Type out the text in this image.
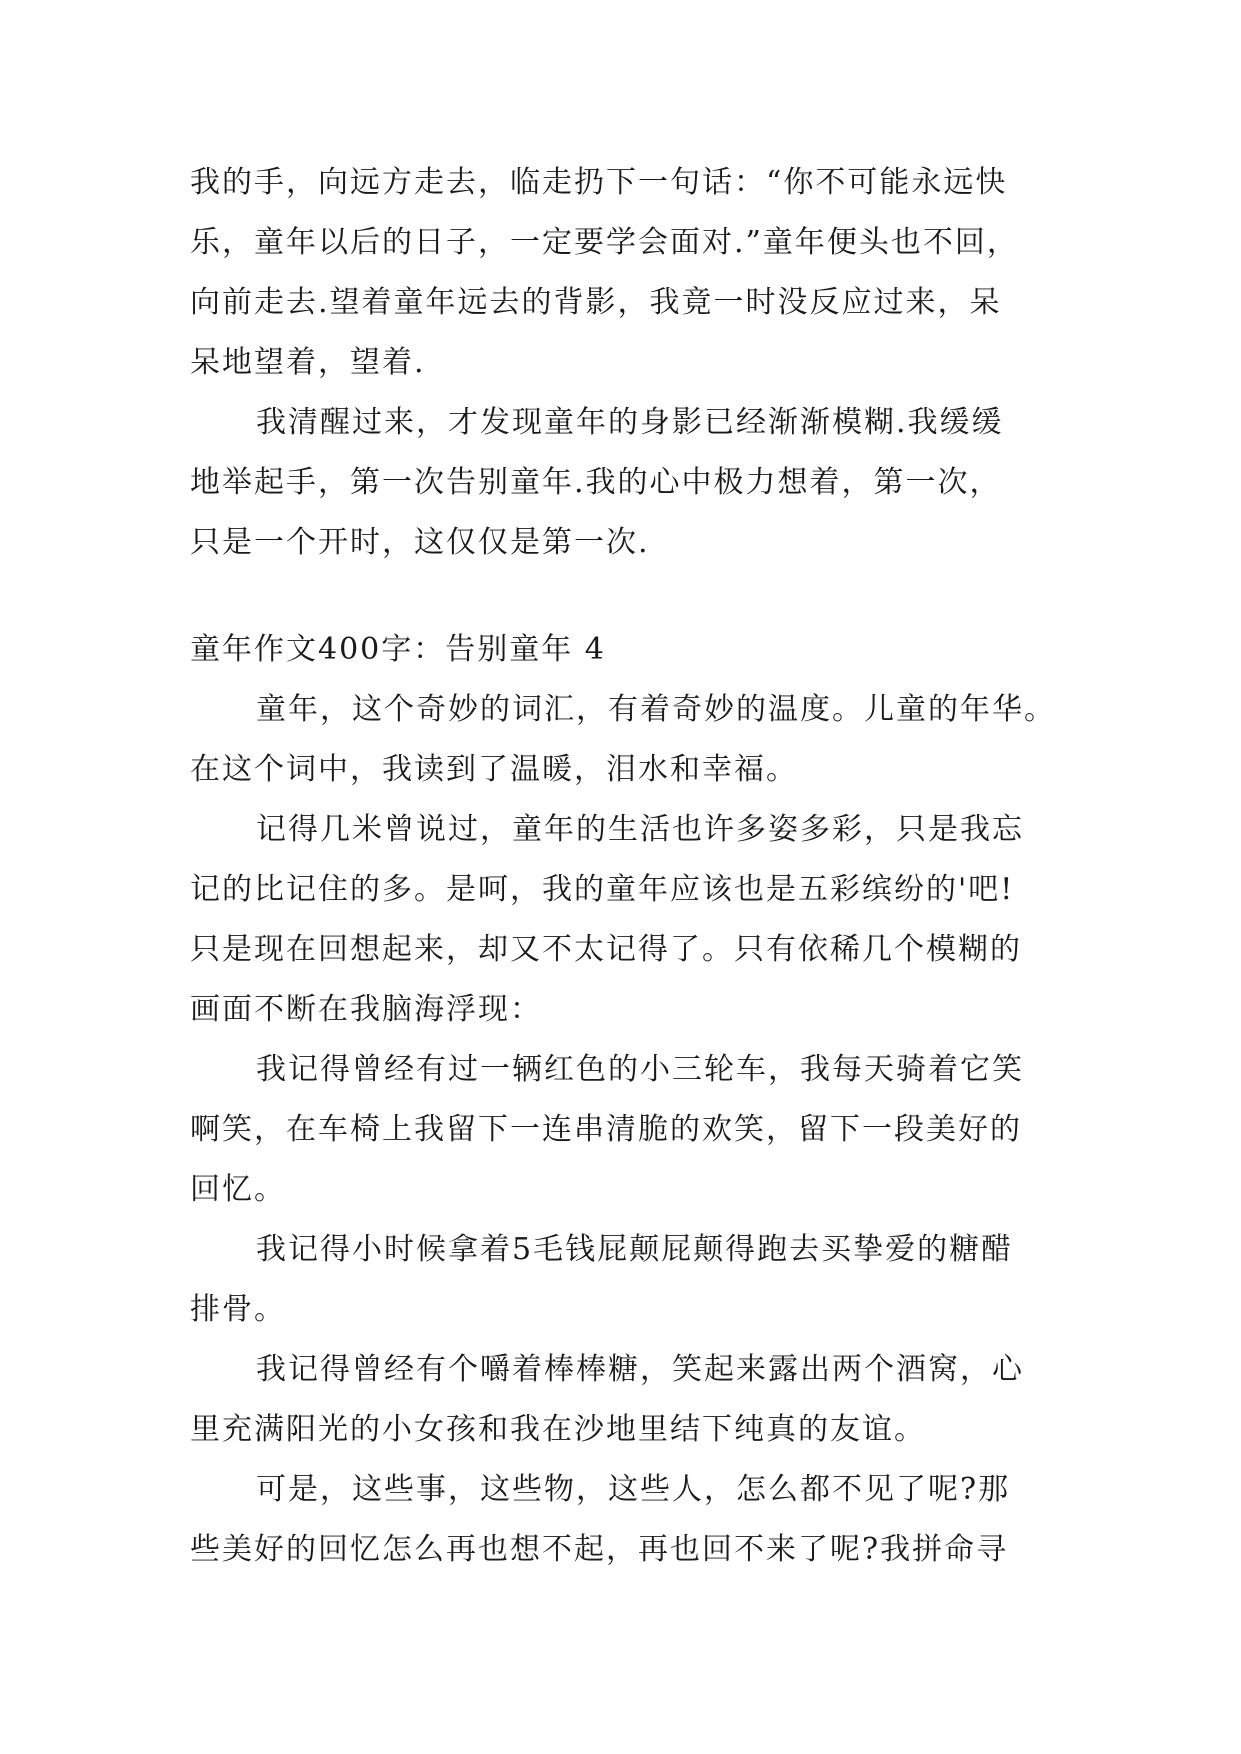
我的手，向远方走去，临走扔下一句话：“你不可能永远快
乐，童年以后的日子，一定要学会面对.”童年便头也不回，
向前走去.望着童年远去的背影，我竟一时没反应过来，呆
呆地望着，望着.
我清醒过来，才发现童年的身影已经渐渐模糊.我缓缓
地举起手，第一次告别童年.我的心中极力想着，第一次，
只是一个开时，这仅仅是第一次.
童年作文400字：告别童年 4
童年，这个奇妙的词汇，有着奇妙的温度。儿童的年华。
在这个词中，我读到了温暖，泪水和幸福。
记得几米曾说过，童年的生活也许多姿多彩，只是我忘
记的比记住的多。是呵，我的童年应该也是五彩缤纷的'吧!
只是现在回想起来，却又不太记得了。只有依稀几个模糊的
画面不断在我脑海浮现：
我记得曾经有过一辆红色的小三轮车，我每天骑着它笑
啊笑，在车椅上我留下一连串清脆的欢笑，留下一段美好的
回忆。
我记得小时候拿着5毛钱屁颠屁颠得跑去买挚爱的糖醋
排骨。
我记得曾经有个嚼着棒棒糖，笑起来露出两个酒窝，心
里充满阳光的小女孩和我在沙地里结下纯真的友谊。
可是，这些事，这些物，这些人，怎么都不见了呢?那
些美好的回忆怎么再也想不起，再也回不来了呢?我拼命寻
